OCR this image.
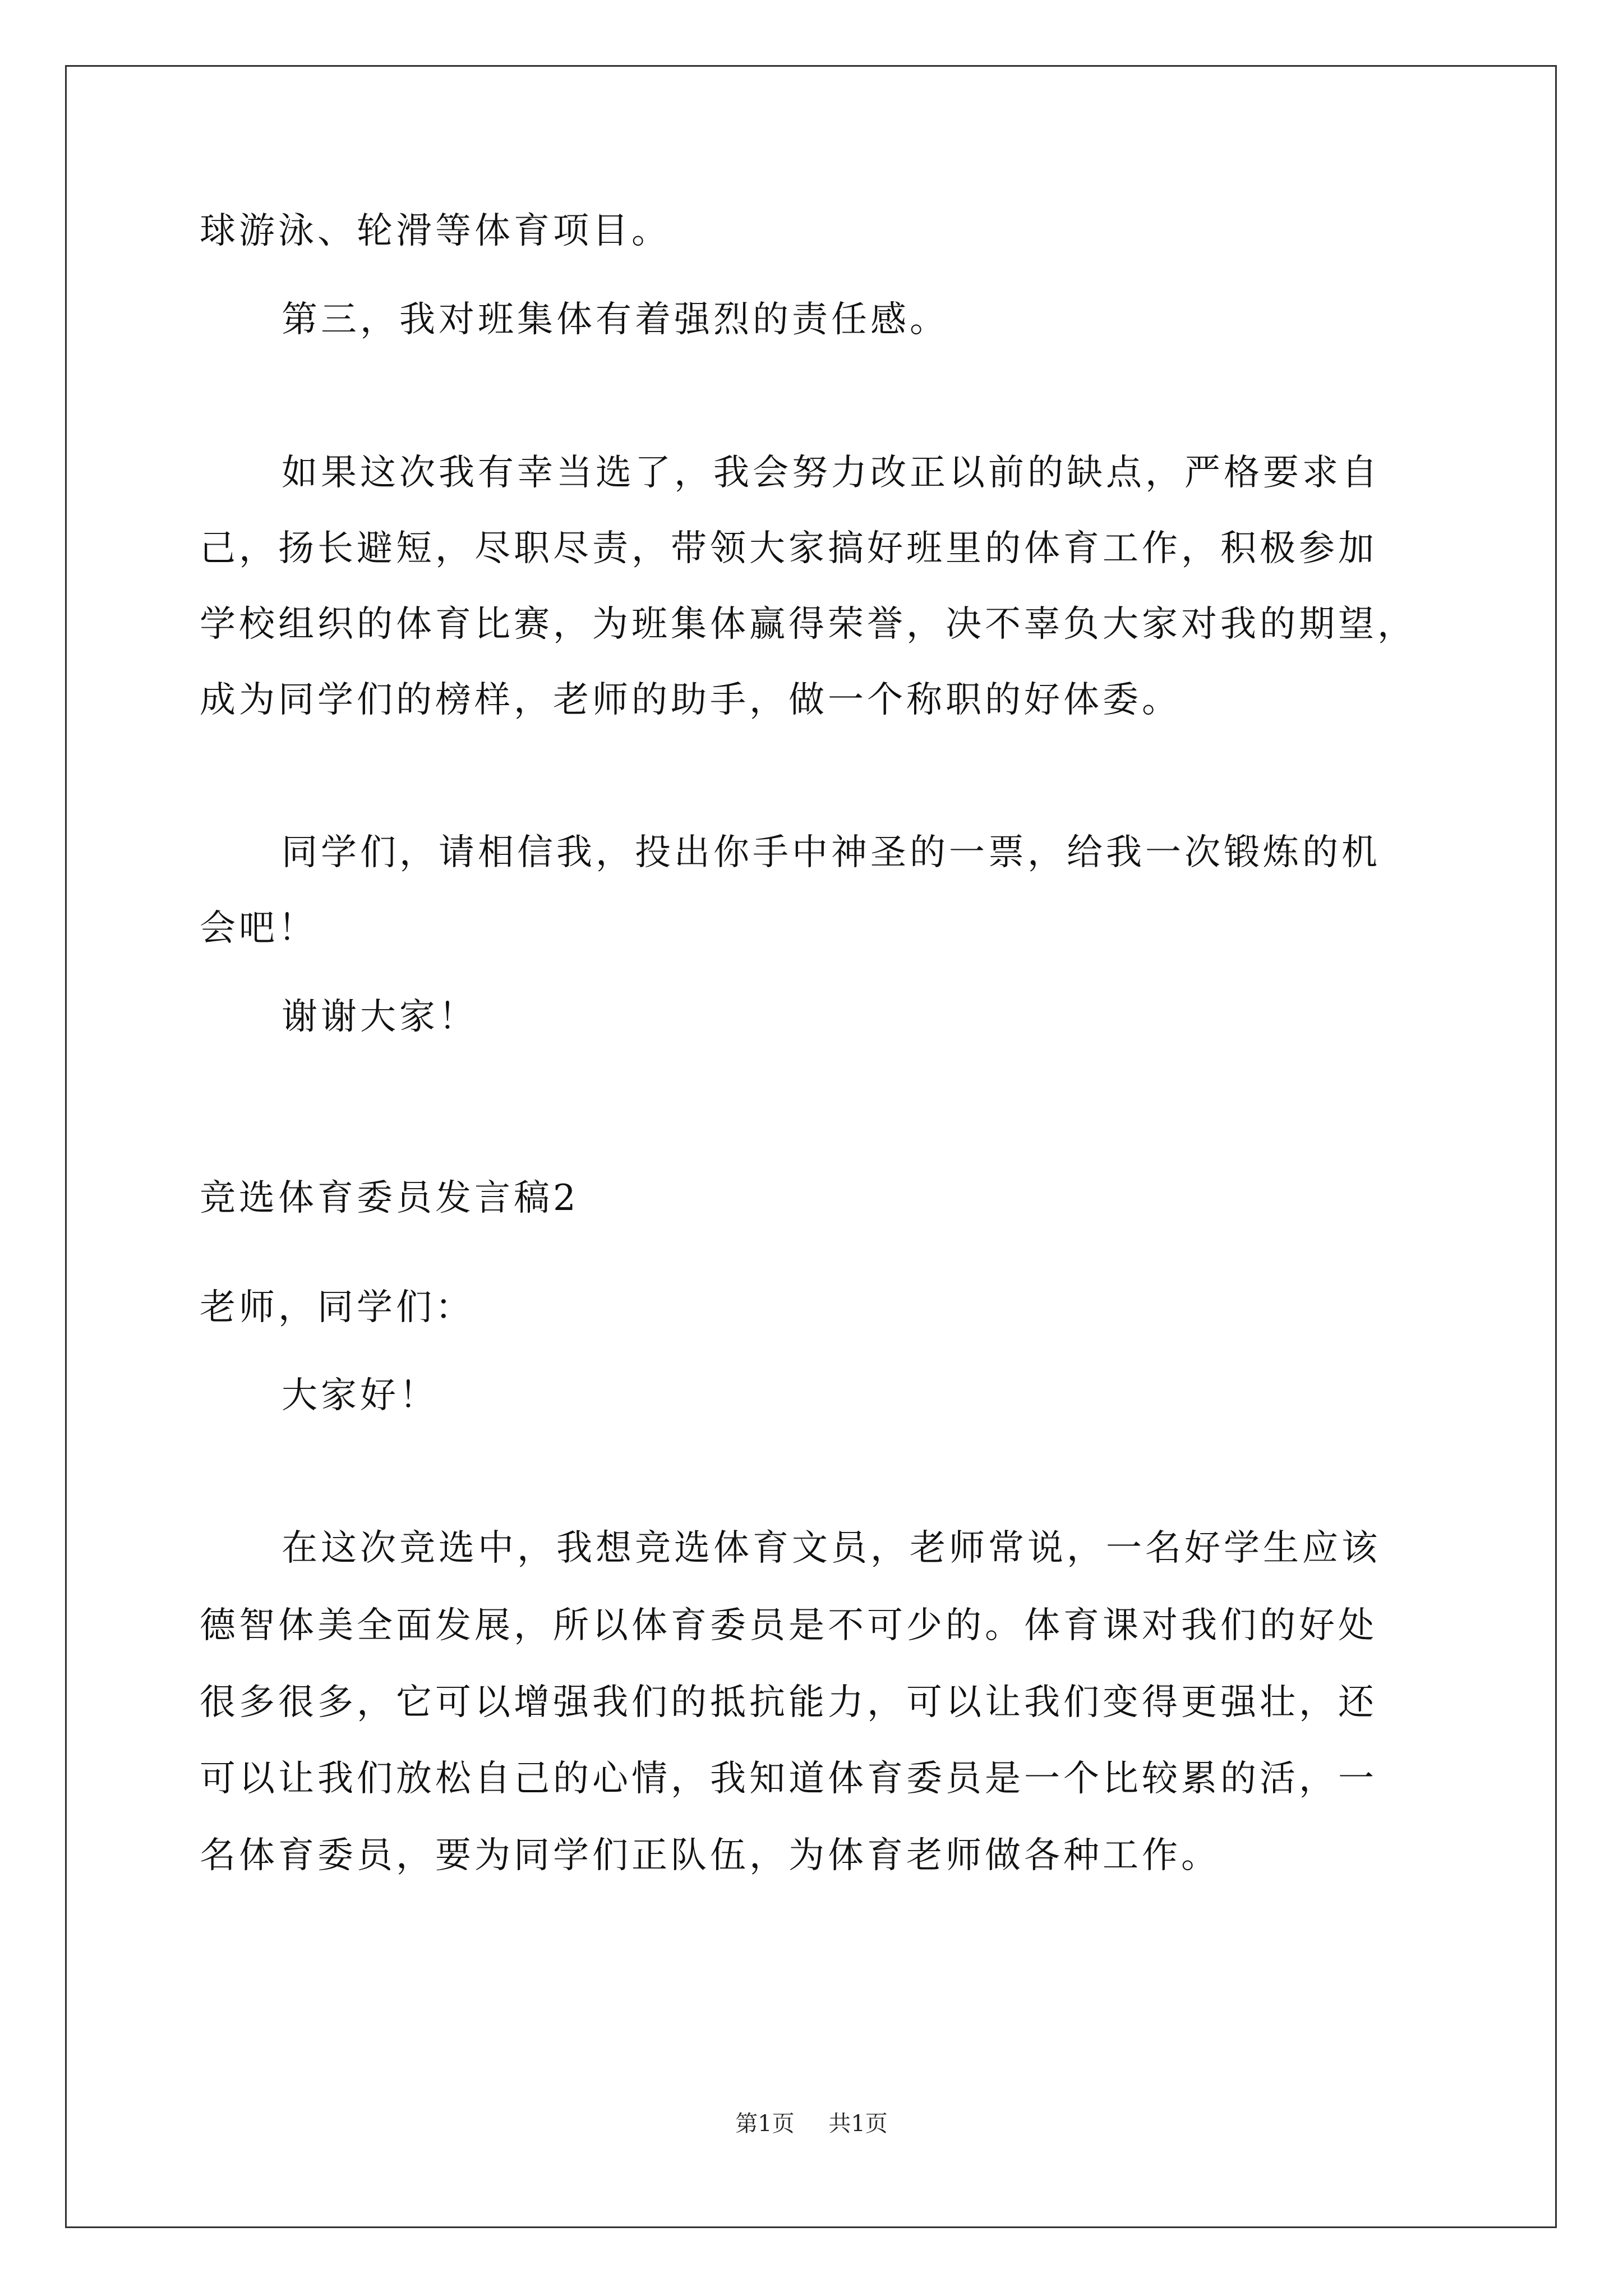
球游泳、轮滑等体育项目。
第三，我对班集体有着强烈的责任感。
如果这次我有幸当选了，我会努力改正以前的缺点，严格要求自
己，扬长避短，尽职尽责，带领大家搞好班里的体育工作，积极参加
学校组织的体育比赛，为班集体赢得荣誉，决不辜负大家对我的期望，
成为同学们的榜样，老师的助手，做一个称职的好体委。
同学们，请相信我，投出你手中神圣的一票，给我一次锻炼的机
会吧！
谢谢大家！
竞选体育委员发言稿2
老师，同学们：
大家好！
在这次竞选中，我想竞选体育文员，老师常说，一名好学生应该
德智体美全面发展，所以体育委员是不可少的。体育课对我们的好处
很多很多，它可以增强我们的抵抗能力，可以让我们变得更强壮，还
可以让我们放松自己的心情，我知道体育委员是一个比较累的活，一
名体育委员，要为同学们正队伍，为体育老师做各种工作。
第1页 共1页
